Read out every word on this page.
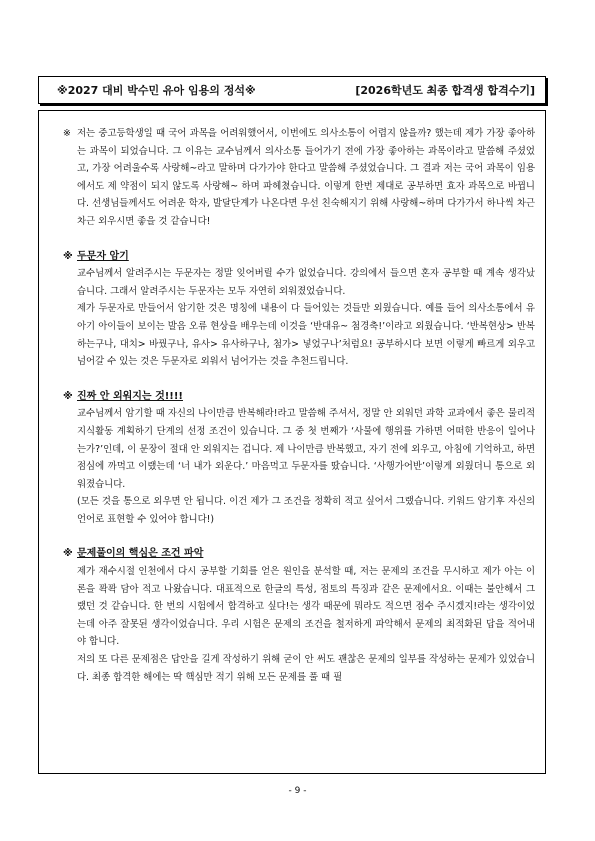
※2027 대비 박수민 유아 임용의 정석※	[2026학년도 최종 합격생 합격수기]

※ 저는 중고등학생일 때 국어 과목을 어려워했어서, 이번에도 의사소통이 어렵지 않을까? 했는데 제가 가장 좋아하는 과목이 되었습니다. 그 이유는 교수님께서 의사소통 들어가기 전에 가장 좋아하는 과목이라고 말씀해 주셨었고, 가장 어려울수록 사랑해~라고 말하며 다가가야 한다고 말씀해 주셨었습니다. 그 결과 저는 국어 과목이 임용에서도 제 약점이 되지 않도록 사랑해~ 하며 파헤쳤습니다. 이렇게 한번 제대로 공부하면 효자 과목으로 바뀝니다. 선생님들께서도 어려운 학자, 발달단계가 나온다면 우선 친숙해지기 위해 사랑해~하며 다가가서 하나씩 차근차근 외우시면 좋을 것 같습니다!

※ 두문자 암기

교수님께서 알려주시는 두문자는 정말 잊어버릴 수가 없었습니다. 강의에서 들으면 혼자 공부할 때 계속 생각났습니다. 그래서 알려주시는 두문자는 모두 자연히 외워졌었습니다.

제가 두문자로 만들어서 암기한 것은 명칭에 내용이 다 들어있는 것들만 외웠습니다. 예를 들어 의사소통에서 유아기 아이들이 보이는 발음 오류 현상을 배우는데 이것을 ‘반대유~ 첨경축!’이라고 외웠습니다. ‘반복현상> 반복하는구나, 대치> 바꿨구나, 유사> 유사하구나, 첨가> 넣었구나’처럼요! 공부하시다 보면 이렇게 빠르게 외우고 넘어갈 수 있는 것은 두문자로 외워서 넘어가는 것을 추천드립니다.

※ 진짜 안 외워지는 것!!!!

교수님께서 암기할 때 자신의 나이만큼 반복해라!라고 말씀해 주셔서, 정말 안 외워던 과학 교과에서 좋은 물리적 지식활동 계획하기 단계의 선정 조건이 있습니다. 그 중 첫 번째가 ‘사물에 행위를 가하면 어떠한 반응이 일어나는가?’인데, 이 문장이 절대 안 외워지는 겁니다. 제 나이만큼 반복했고, 자기 전에 외우고, 아침에 기억하고, 하면 점심에 까먹고 이랬는데 ‘너 내가 외운다.’ 마음먹고 두문자를 땄습니다. ‘사행가어반’이렇게 외웠더니 통으로 외워졌습니다.

(모든 것을 통으로 외우면 안 됩니다. 이건 제가 그 조건을 정확히 적고 싶어서 그랬습니다. 키워드 암기후 자신의 언어로 표현할 수 있어야 합니다!)

※ 문제풀이의 핵심은 조건 파악

제가 재수시절 인천에서 다시 공부할 기회를 얻은 원인을 분석할 때, 저는 문제의 조건을 무시하고 제가 아는 이론을 꽉꽉 담아 적고 나왔습니다. 대표적으로 한글의 특성, 점토의 특징과 같은 문제에서요. 이때는 불안해서 그랬던 것 같습니다. 한 번의 시험에서 합격하고 싶다!는 생각 때문에 뭐라도 적으면 점수 주시겠지!라는 생각이었는데 아주 잘못된 생각이었습니다. 우리 시험은 문제의 조건을 철저하게 파악해서 문제의 최적화된 답을 적어내야 합니다.

저의 또 다른 문제점은 답안을 길게 작성하기 위해 굳이 안 써도 괜찮은 문제의 일부를 작성하는 문제가 있었습니다. 최종 합격한 해에는 딱 핵심만 적기 위해 모든 문제를 풀 때 필

- 9 -
